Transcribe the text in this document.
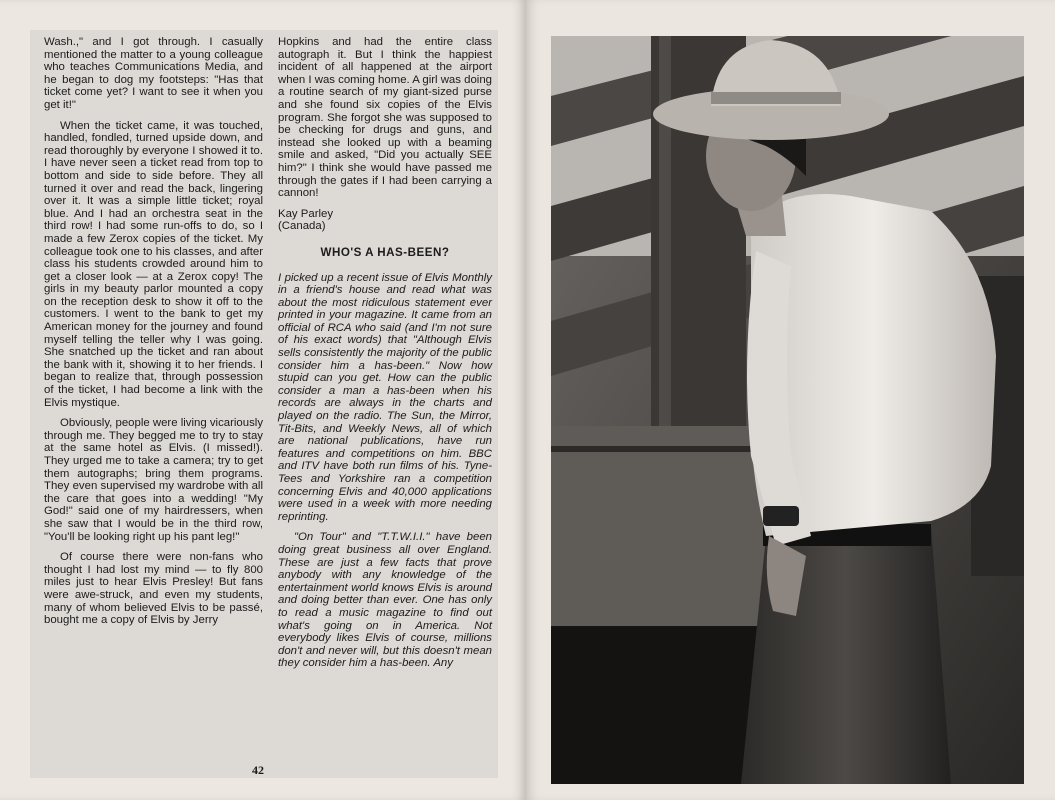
Wash.," and I got through. I casually mentioned the matter to a young colleague who teaches Communications Media, and he began to dog my footsteps: "Has that ticket come yet? I want to see it when you get it!"

When the ticket came, it was touched, handled, fondled, turned upside down, and read thoroughly by everyone I showed it to. I have never seen a ticket read from top to bottom and side to side before. They all turned it over and read the back, lingering over it. It was a simple little ticket; royal blue. And I had an orchestra seat in the third row! I had some run-offs to do, so I made a few Zerox copies of the ticket. My colleague took one to his classes, and after class his students crowded around him to get a closer look — at a Zerox copy! The girls in my beauty parlor mounted a copy on the reception desk to show it off to the customers. I went to the bank to get my American money for the journey and found myself telling the teller why I was going. She snatched up the ticket and ran about the bank with it, showing it to her friends. I began to realize that, through possession of the ticket, I had become a link with the Elvis mystique.

Obviously, people were living vicariously through me. They begged me to try to stay at the same hotel as Elvis. (I missed!). They urged me to take a camera; try to get them autographs; bring them programs. They even supervised my wardrobe with all the care that goes into a wedding! "My God!" said one of my hairdressers, when she saw that I would be in the third row, "You'll be looking right up his pant leg!"

Of course there were non-fans who thought I had lost my mind — to fly 800 miles just to hear Elvis Presley! But fans were awe-struck, and even my students, many of whom believed Elvis to be passé, bought me a copy of Elvis by Jerry

Hopkins and had the entire class autograph it. But I think the happiest incident of all happened at the airport when I was coming home. A girl was doing a routine search of my giant-sized purse and she found six copies of the Elvis program. She forgot she was supposed to be checking for drugs and guns, and instead she looked up with a beaming smile and asked, "Did you actually SEE him?" I think she would have passed me through the gates if I had been carrying a cannon!

Kay Parley
(Canada)
WHO'S A HAS-BEEN?

I picked up a recent issue of Elvis Monthly in a friend's house and read what was about the most ridiculous statement ever printed in your magazine. It came from an official of RCA who said (and I'm not sure of his exact words) that "Although Elvis sells consistently the majority of the public consider him a has-been." Now how stupid can you get. How can the public consider a man a has-been when his records are always in the charts and played on the radio. The Sun, the Mirror, Tit-Bits, and Weekly News, all of which are national publications, have run features and competitions on him. BBC and ITV have both run films of his. Tyne-Tees and Yorkshire ran a competition concerning Elvis and 40,000 applications were used in a week with more needing reprinting.

"On Tour" and "T.T.W.I.I." have been doing great business all over England. These are just a few facts that prove anybody with any knowledge of the entertainment world knows Elvis is around and doing better than ever. One has only to read a music magazine to find out what's going on in America. Not everybody likes Elvis of course, millions don't and never will, but this doesn't mean they consider him a has-been. Any

42
